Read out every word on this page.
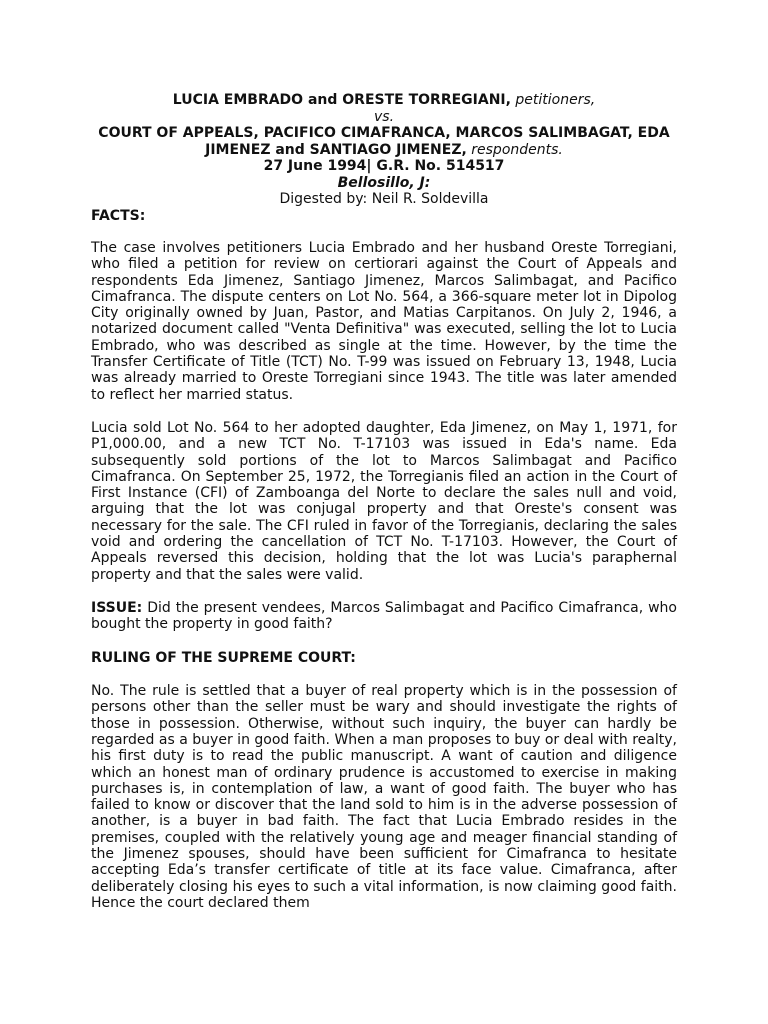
LUCIA EMBRADO and ORESTE TORREGIANI, petitioners,
vs.
COURT OF APPEALS, PACIFICO CIMAFRANCA, MARCOS SALIMBAGAT, EDA JIMENEZ and SANTIAGO JIMENEZ, respondents.
27 June 1994| G.R. No. 514517
Bellosillo, J:
Digested by: Neil R. Soldevilla
FACTS:

The case involves petitioners Lucia Embrado and her husband Oreste Torregiani, who filed a petition for review on certiorari against the Court of Appeals and respondents Eda Jimenez, Santiago Jimenez, Marcos Salimbagat, and Pacifico Cimafranca. The dispute centers on Lot No. 564, a 366-square meter lot in Dipolog City originally owned by Juan, Pastor, and Matias Carpitanos. On July 2, 1946, a notarized document called "Venta Definitiva" was executed, selling the lot to Lucia Embrado, who was described as single at the time. However, by the time the Transfer Certificate of Title (TCT) No. T-99 was issued on February 13, 1948, Lucia was already married to Oreste Torregiani since 1943. The title was later amended to reflect her married status.

Lucia sold Lot No. 564 to her adopted daughter, Eda Jimenez, on May 1, 1971, for P1,000.00, and a new TCT No. T-17103 was issued in Eda's name. Eda subsequently sold portions of the lot to Marcos Salimbagat and Pacifico Cimafranca. On September 25, 1972, the Torregianis filed an action in the Court of First Instance (CFI) of Zamboanga del Norte to declare the sales null and void, arguing that the lot was conjugal property and that Oreste's consent was necessary for the sale. The CFI ruled in favor of the Torregianis, declaring the sales void and ordering the cancellation of TCT No. T-17103. However, the Court of Appeals reversed this decision, holding that the lot was Lucia's paraphernal property and that the sales were valid.

ISSUE: Did the present vendees, Marcos Salimbagat and Pacifico Cimafranca, who bought the property in good faith?

RULING OF THE SUPREME COURT:

No. The rule is settled that a buyer of real property which is in the possession of persons other than the seller must be wary and should investigate the rights of those in possession. Otherwise, without such inquiry, the buyer can hardly be regarded as a buyer in good faith. When a man proposes to buy or deal with realty, his first duty is to read the public manuscript. A want of caution and diligence which an honest man of ordinary prudence is accustomed to exercise in making purchases is, in contemplation of law, a want of good faith. The buyer who has failed to know or discover that the land sold to him is in the adverse possession of another, is a buyer in bad faith. The fact that Lucia Embrado resides in the premises, coupled with the relatively young age and meager financial standing of the Jimenez spouses, should have been sufficient for Cimafranca to hesitate accepting Eda’s transfer certificate of title at its face value. Cimafranca, after deliberately closing his eyes to such a vital information, is now claiming good faith. Hence the court declared them
